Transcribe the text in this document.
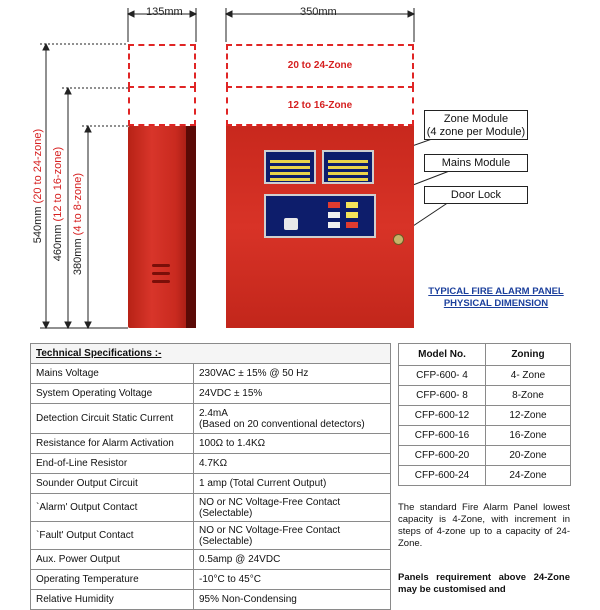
135mm	350mm
540mm (20 to 24-zone)
460mm (12 to 16-zone)
380mm (4 to 8-zone)
20 to 24-Zone
12 to 16-Zone
Zone Module
(4 zone per Module)
Mains Module
Door Lock
TYPICAL FIRE ALARM PANEL
PHYSICAL DIMENSION
Technical Specifications :-	
Mains Voltage	230VAC ± 15% @ 50 Hz
System Operating Voltage	24VDC ± 15%
Detection Circuit Static Current	2.4mA
(Based on 20 conventional detectors)

Resistance for Alarm Activation	100Ω to 1.4KΩ
End-of-Line Resistor	4.7KΩ
Sounder Output Circuit	1 amp (Total Current Output)
`Alarm' Output Contact	NO or NC Voltage-Free Contact
(Selectable)

`Fault' Output Contact	NO or NC Voltage-Free Contact
(Selectable)

Aux. Power Output	0.5amp @ 24VDC
Operating Temperature	-10°C to 45°C
Relative Humidity	95% Non-Condensing
Model No.	Zoning
CFP-600- 4	4- Zone
CFP-600- 8	8-Zone
CFP-600-12	12-Zone
CFP-600-16	16-Zone
CFP-600-20	20-Zone
CFP-600-24	24-Zone
The standard Fire Alarm Panel lowest capacity is 4-Zone, with increment in steps of 4-zone up to a capacity of 24- Zone.
Panels requirement above 24-Zone may be customised and
